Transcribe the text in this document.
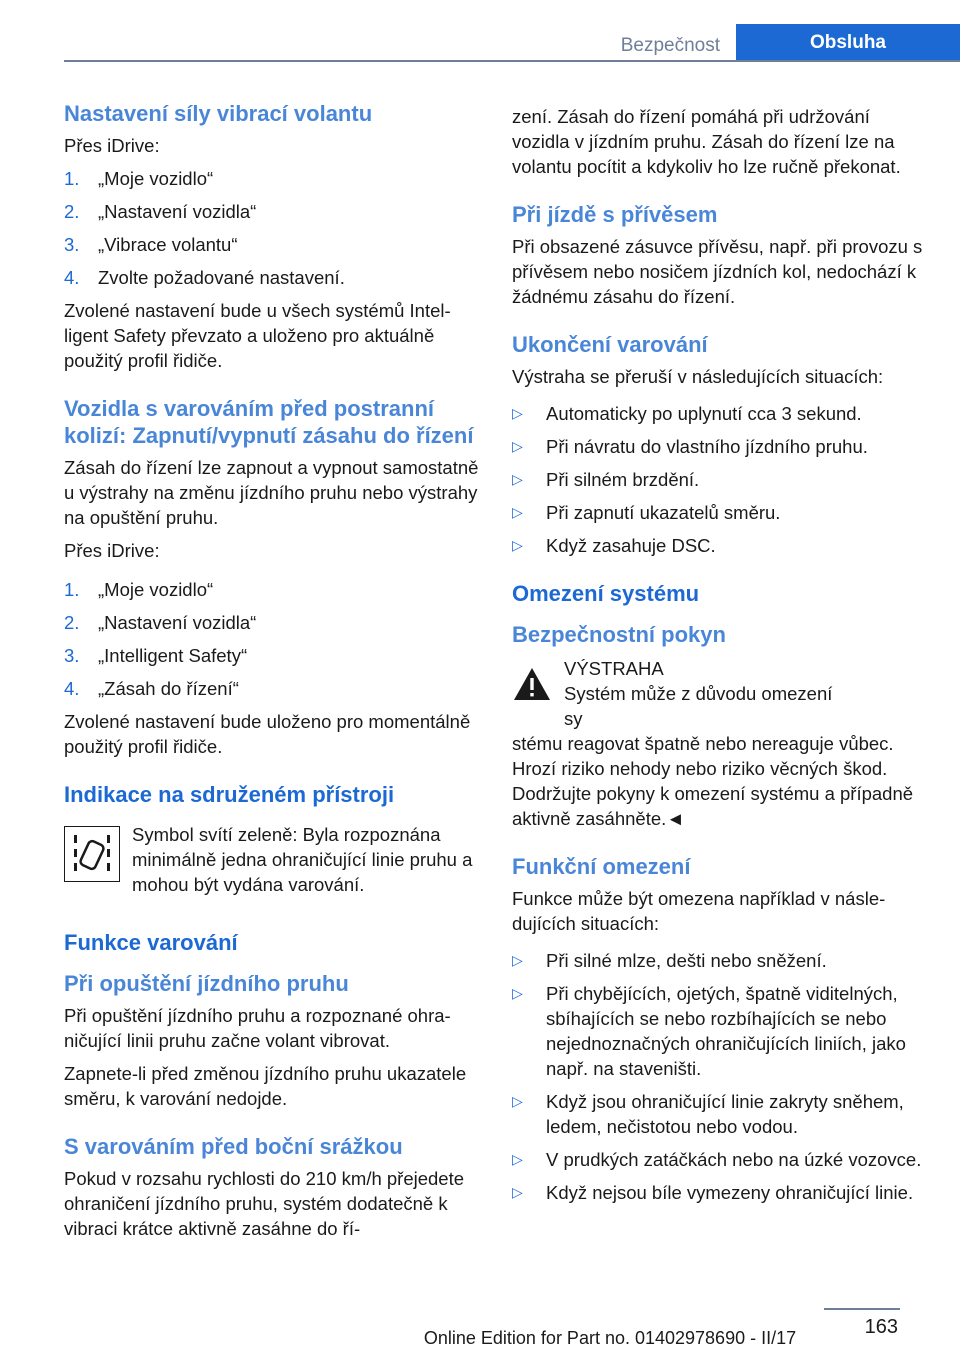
Bezpečnost	Obsluha
Nastavení síly vibrací volantu

Přes iDrive:

1. „Moje vozidlo“
2. „Nastavení vozidla“
3. „Vibrace volantu“
4. Zvolte požadované nastavení.

Zvolené nastavení bude u všech systémů Intelligent Safety převzato a uloženo pro aktuálně použitý profil řidiče.

Vozidla s varováním před postranní kolizí: Zapnutí/vypnutí zásahu do řízení

Zásah do řízení lze zapnout a vypnout samostatně u výstrahy na změnu jízdního pruhu nebo výstrahy na opuštění pruhu.

Přes iDrive:

1. „Moje vozidlo“
2. „Nastavení vozidla“
3. „Intelligent Safety“
4. „Zásah do řízení“

Zvolené nastavení bude uloženo pro momentálně použitý profil řidiče.

Indikace na sdruženém přístroji

Symbol svítí zeleně: Byla rozpoznána minimálně jedna ohraničující linie pruhu a mohou být vydána varování.

Funkce varování
Při opuštění jízdního pruhu

Při opuštění jízdního pruhu a rozpoznané ohraničující linii pruhu začne volant vibrovat.

Zapnete-li před změnou jízdního pruhu ukazatele směru, k varování nedojde.

S varováním před boční srážkou

Pokud v rozsahu rychlosti do 210 km/h přejedete ohraničení jízdního pruhu, systém dodatečně k vibraci krátce aktivně zasáhne do ří-

zení. Zásah do řízení pomáhá při udržování vozidla v jízdním pruhu. Zásah do řízení lze na volantu pocítit a kdykoliv ho lze ručně překonat.

Při jízdě s přívěsem

Při obsazené zásuvce přívěsu, např. při provozu s přívěsem nebo nosičem jízdních kol, nedochází k žádnému zásahu do řízení.

Ukončení varování

Výstraha se přeruší v následujících situacích:

▷ Automaticky po uplynutí cca 3 sekund.
▷ Při návratu do vlastního jízdního pruhu.
▷ Při silném brzdění.
▷ Při zapnutí ukazatelů směru.
▷ Když zasahuje DSC.
Omezení systému
Bezpečnostní pokyn

VÝSTRAHA

Systém může z důvodu omezení sy

stému reagovat špatně nebo nereaguje vůbec. Hrozí riziko nehody nebo riziko věcných škod. Dodržujte pokyny k omezení systému a případně aktivně zasáhněte.◄

Funkční omezení

Funkce může být omezena například v následujících situacích:

▷ Při silné mlze, dešti nebo sněžení.
▷ Při chybějících, ojetých, špatně viditelných, sbíhajících se nebo rozbíhajících se nebo nejednoznačných ohraničujících liniích, jako např. na staveništi.
▷ Když jsou ohraničující linie zakryty sněhem, ledem, nečistotou nebo vodou.
▷ V prudkých zatáčkách nebo na úzké vozovce.
▷ Když nejsou bíle vymezeny ohraničující linie.
163
Online Edition for Part no. 01402978690 - II/17
